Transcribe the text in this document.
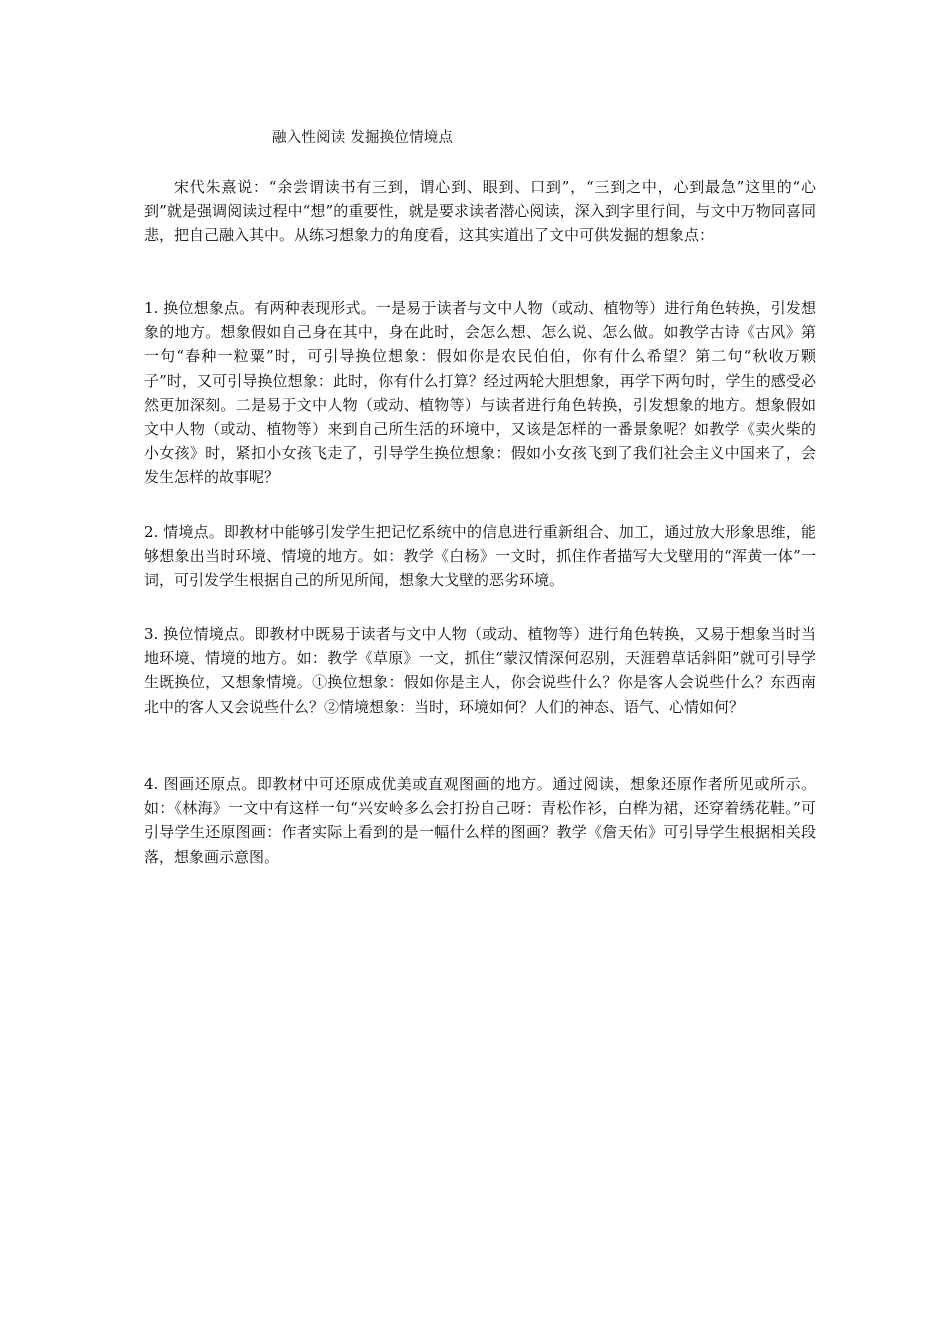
融入性阅读 发掘换位情境点

宋代朱熹说：“余尝谓读书有三到，谓心到、眼到、口到”，“三到之中，心到最急”这里的“心到”就是强调阅读过程中“想”的重要性，就是要求读者潜心阅读，深入到字里行间，与文中万物同喜同悲，把自己融入其中。从练习想象力的角度看，这其实道出了文中可供发掘的想象点：

1. 换位想象点。有两种表现形式。一是易于读者与文中人物（或动、植物等）进行角色转换，引发想象的地方。想象假如自己身在其中，身在此时，会怎么想、怎么说、怎么做。如教学古诗《古风》第一句“春种一粒粟”时，可引导换位想象：假如你是农民伯伯，你有什么希望？第二句“秋收万颗子”时，又可引导换位想象：此时，你有什么打算？经过两轮大胆想象，再学下两句时，学生的感受必然更加深刻。二是易于文中人物（或动、植物等）与读者进行角色转换，引发想象的地方。想象假如文中人物（或动、植物等）来到自己所生活的环境中，又该是怎样的一番景象呢？如教学《卖火柴的小女孩》时，紧扣小女孩飞走了，引导学生换位想象：假如小女孩飞到了我们社会主义中国来了，会发生怎样的故事呢？

2. 情境点。即教材中能够引发学生把记忆系统中的信息进行重新组合、加工，通过放大形象思维，能够想象出当时环境、情境的地方。如：教学《白杨》一文时，抓住作者描写大戈壁用的“浑黄一体”一词，可引发学生根据自己的所见所闻，想象大戈壁的恶劣环境。

3. 换位情境点。即教材中既易于读者与文中人物（或动、植物等）进行角色转换，又易于想象当时当地环境、情境的地方。如：教学《草原》一文，抓住“蒙汉情深何忍别，天涯碧草话斜阳”就可引导学生既换位，又想象情境。①换位想象：假如你是主人，你会说些什么？你是客人会说些什么？东西南北中的客人又会说些什么？②情境想象：当时，环境如何？人们的神态、语气、心情如何？

4. 图画还原点。即教材中可还原成优美或直观图画的地方。通过阅读，想象还原作者所见或所示。如：《林海》一文中有这样一句“兴安岭多么会打扮自己呀：青松作衫，白桦为裙，还穿着绣花鞋。”可引导学生还原图画：作者实际上看到的是一幅什么样的图画？教学《詹天佑》可引导学生根据相关段落，想象画示意图。
